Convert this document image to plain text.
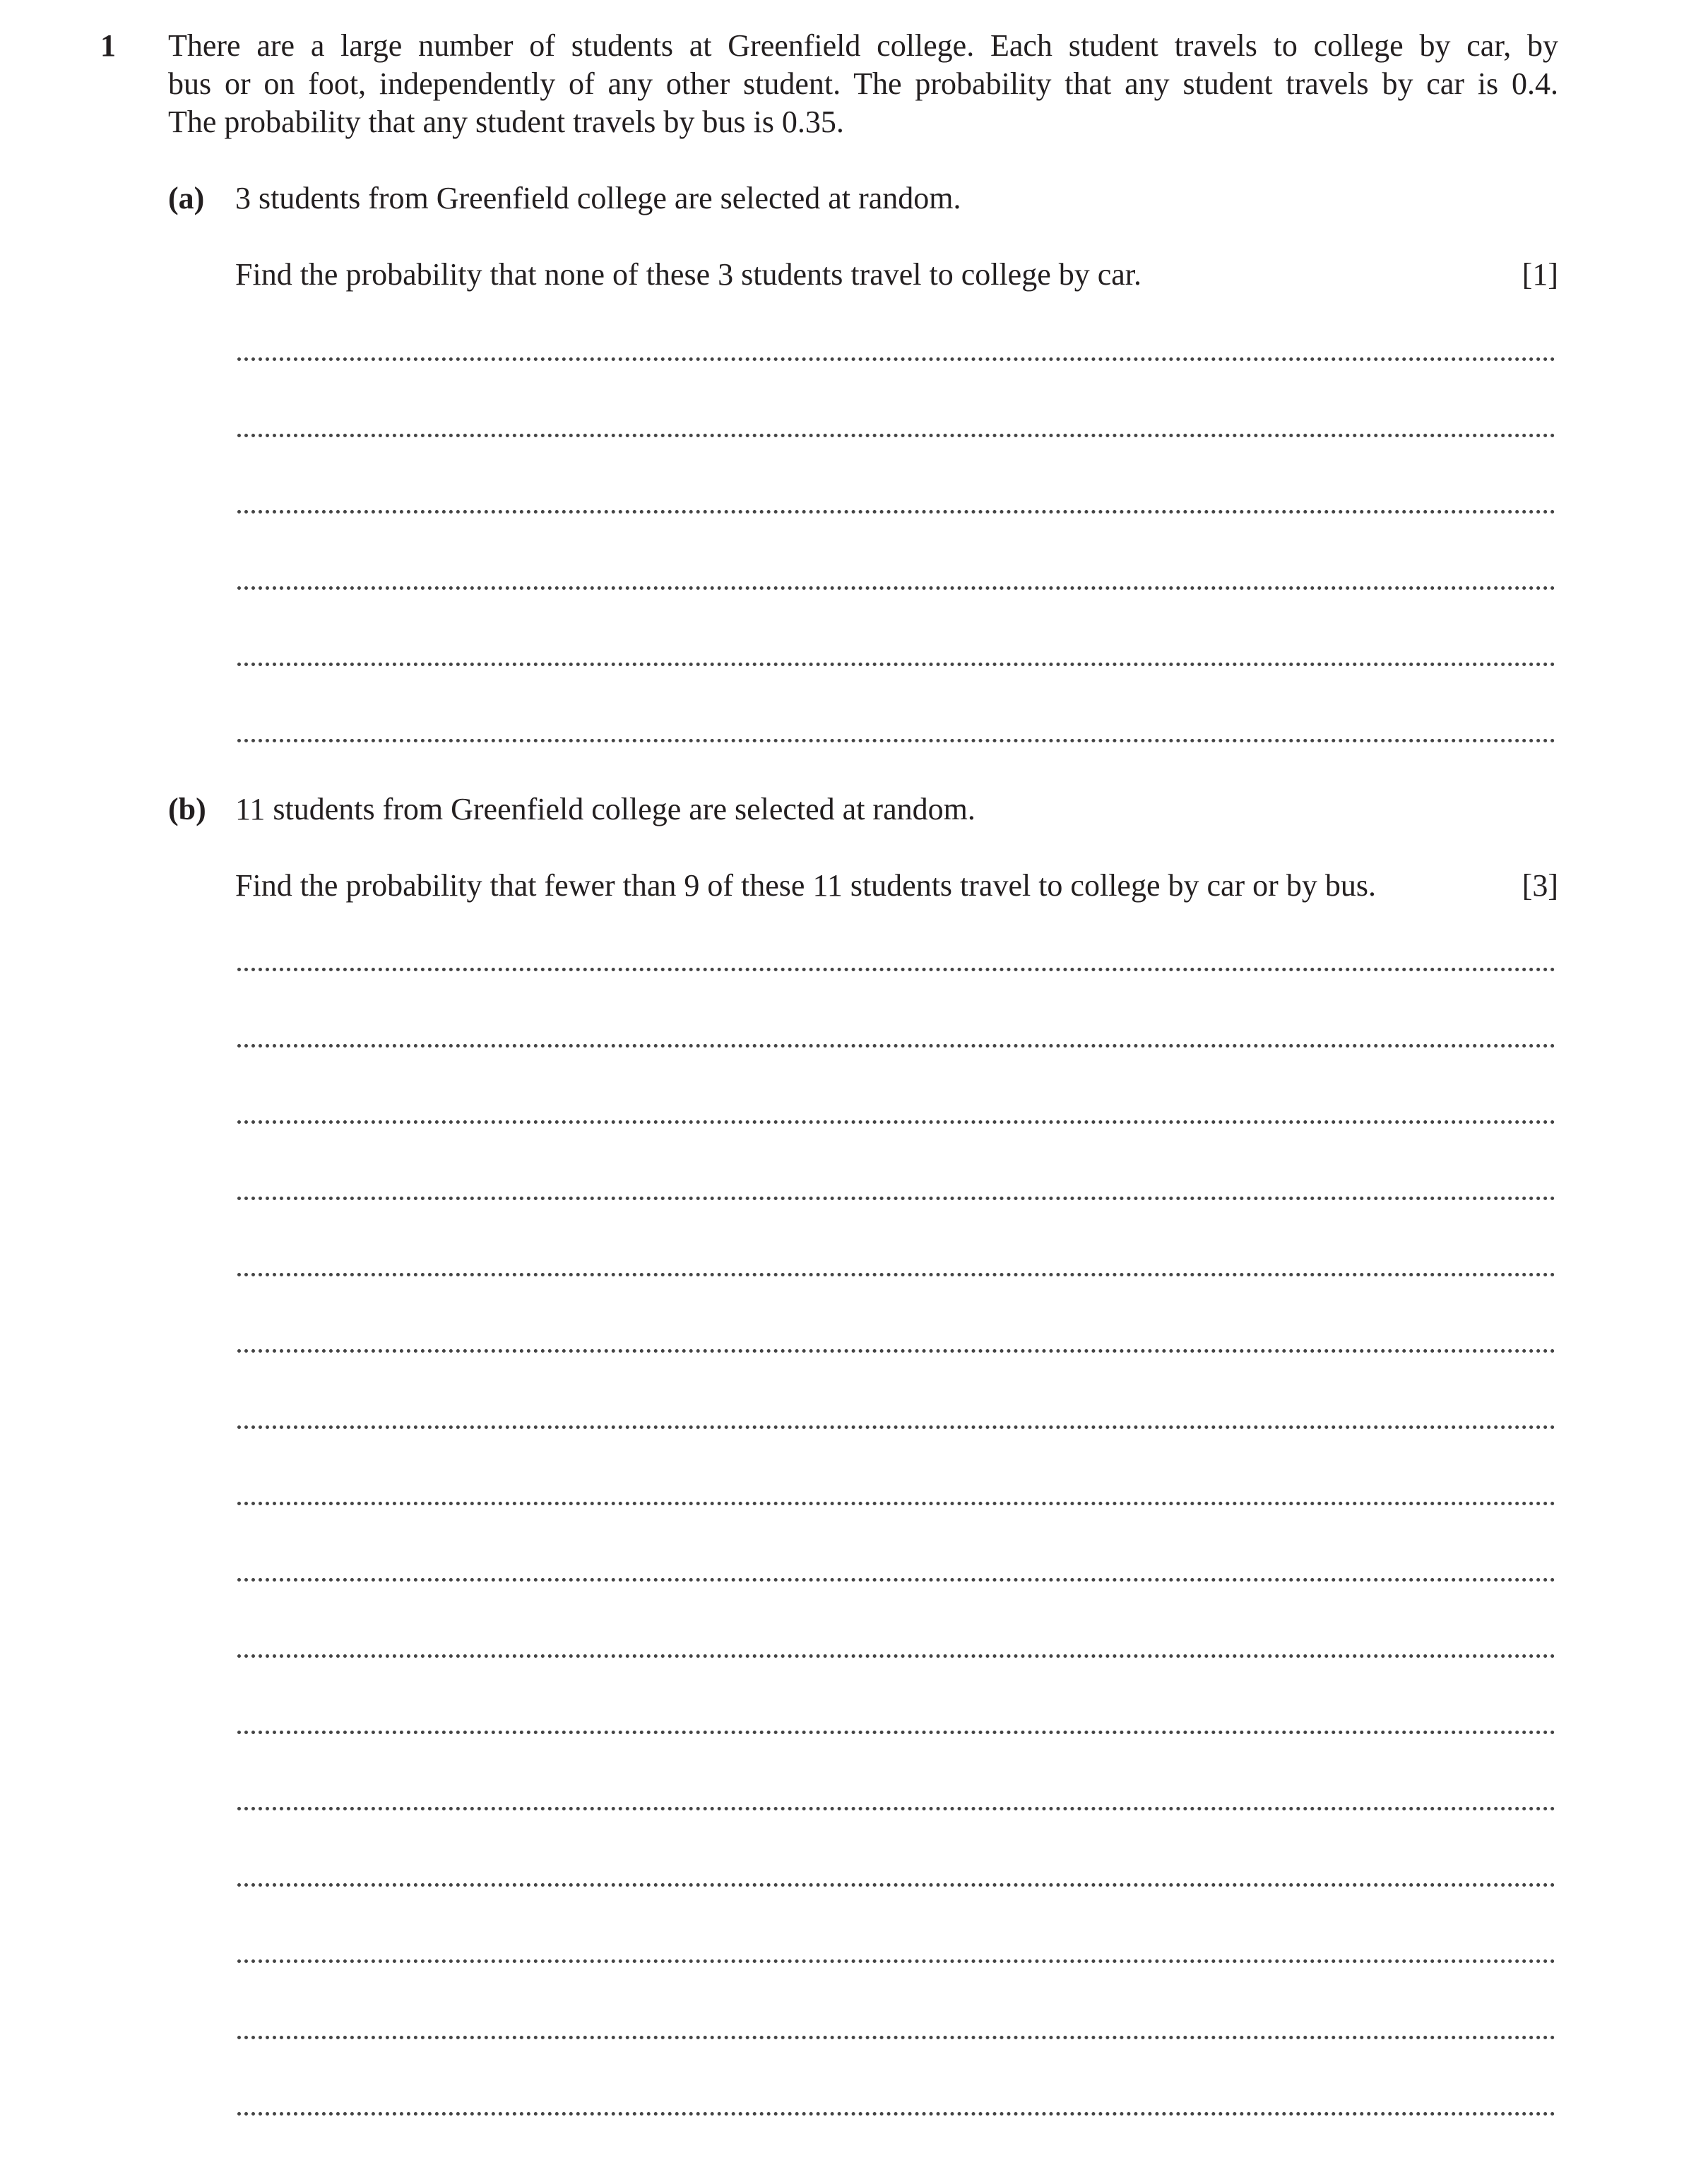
1 There are a large number of students at Greenfield college. Each student travels to college by car, by
bus or on foot, independently of any other student. The probability that any student travels by car is 0.4.
The probability that any student travels by bus is 0.35.
(a) 3 students from Greenfield college are selected at random.
Find the probability that none of these 3 students travel to college by car.	[1]
(b) 11 students from Greenfield college are selected at random.
Find the probability that fewer than 9 of these 11 students travel to college by car or by bus.	[3]
